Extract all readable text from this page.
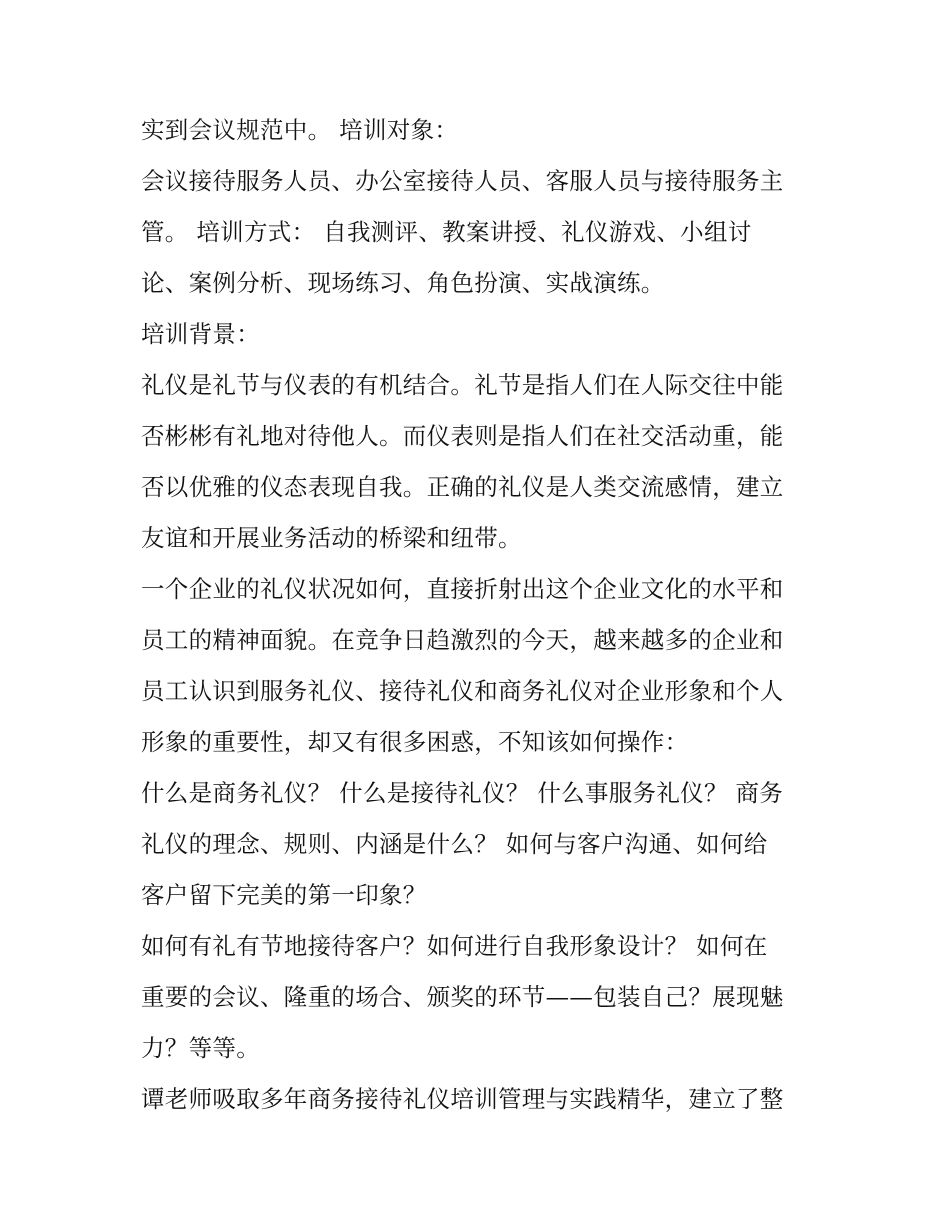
实到会议规范中。 培训对象：
会议接待服务人员、办公室接待人员、客服人员与接待服务主
管。 培训方式： 自我测评、教案讲授、礼仪游戏、小组讨
论、案例分析、现场练习、角色扮演、实战演练。
培训背景：
礼仪是礼节与仪表的有机结合。礼节是指人们在人际交往中能
否彬彬有礼地对待他人。而仪表则是指人们在社交活动重，能
否以优雅的仪态表现自我。正确的礼仪是人类交流感情，建立
友谊和开展业务活动的桥梁和纽带。
一个企业的礼仪状况如何，直接折射出这个企业文化的水平和
员工的精神面貌。在竞争日趋激烈的今天，越来越多的企业和
员工认识到服务礼仪、接待礼仪和商务礼仪对企业形象和个人
形象的重要性，却又有很多困惑，不知该如何操作：
什么是商务礼仪？ 什么是接待礼仪？ 什么事服务礼仪？ 商务
礼仪的理念、规则、内涵是什么？ 如何与客户沟通、如何给
客户留下完美的第一印象？
如何有礼有节地接待客户？如何进行自我形象设计？ 如何在
重要的会议、隆重的场合、颁奖的环节——包装自己？展现魅
力？等等。
谭老师吸取多年商务接待礼仪培训管理与实践精华，建立了整
